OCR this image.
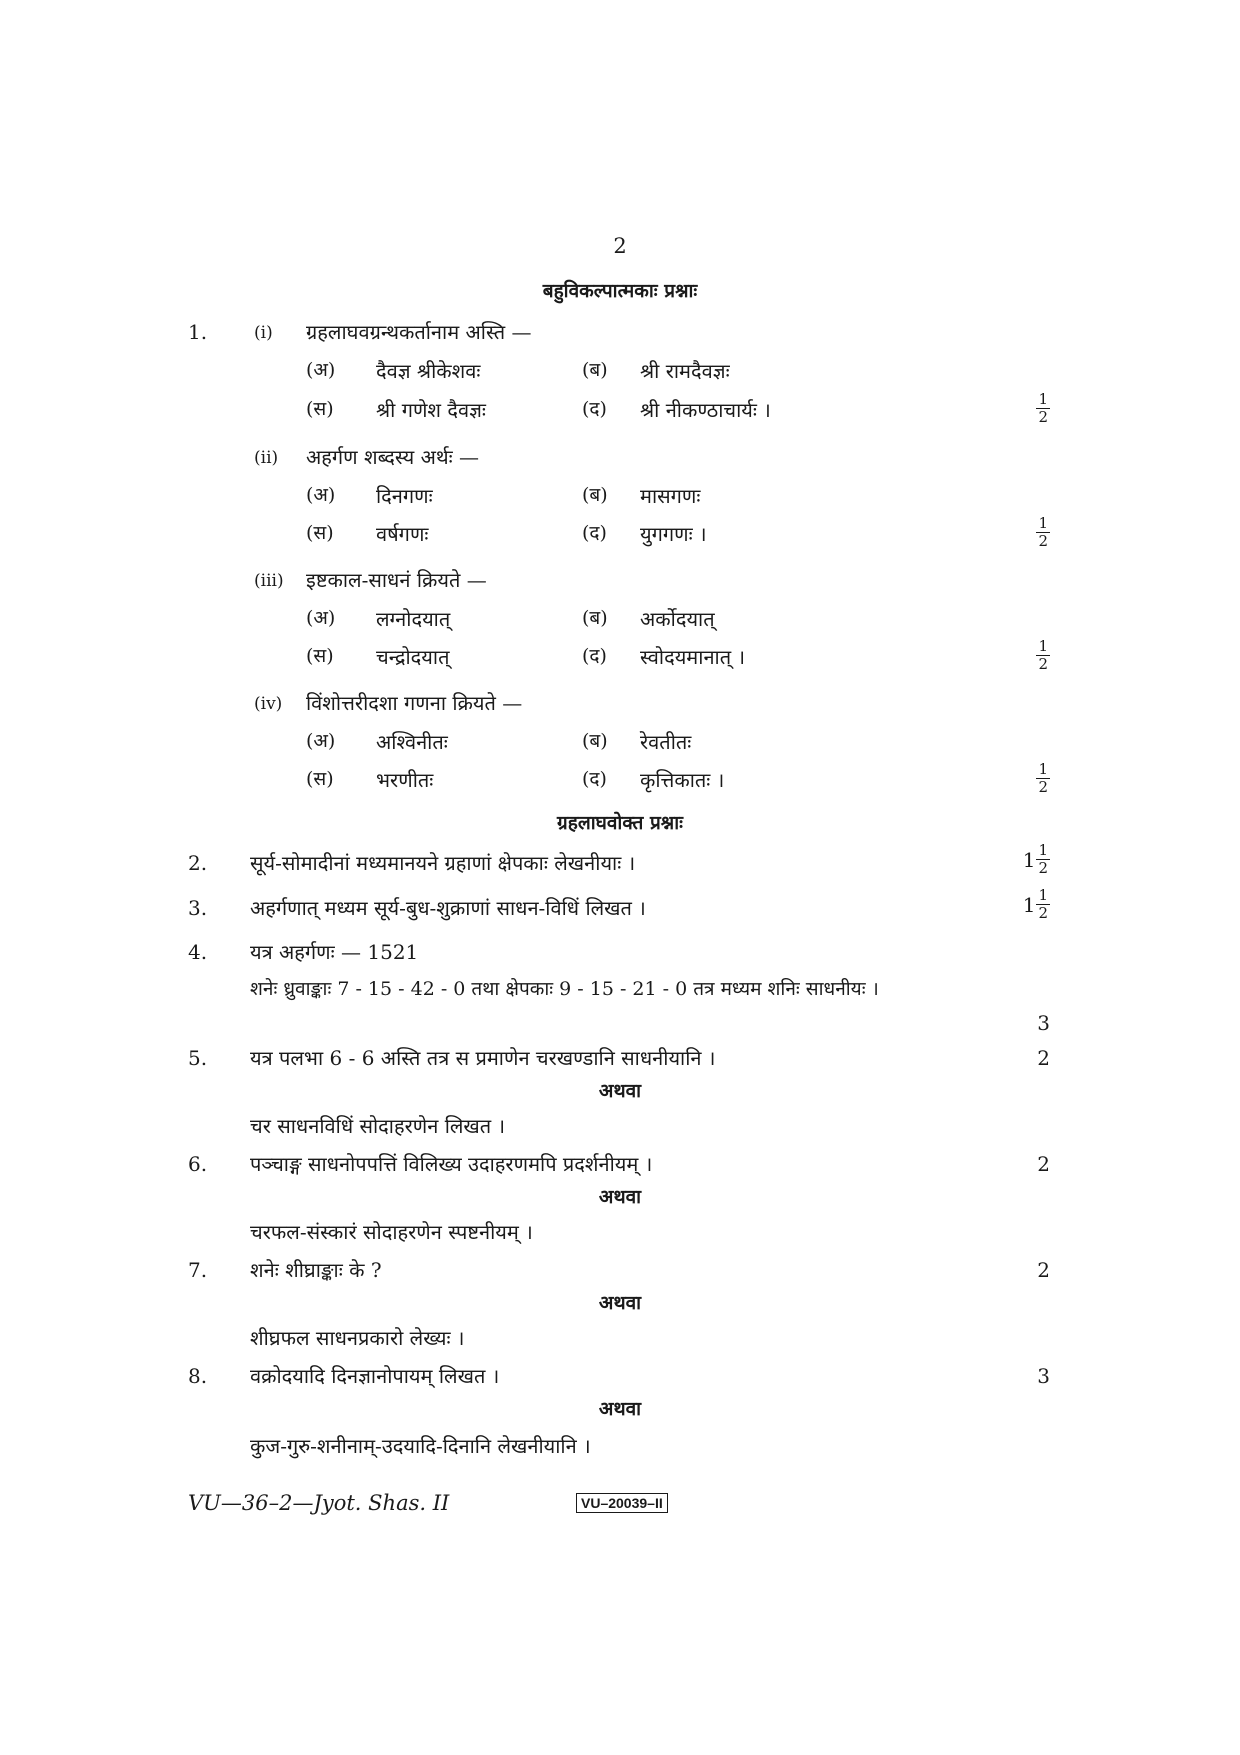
2
बहुविकल्पात्मकाः प्रश्नाः
1.	(i) ग्रहलाघवग्रन्थकर्तानाम अस्ति —
(अ) दैवज्ञ श्रीकेशवः	(ब) श्री रामदैवज्ञः
(स) श्री गणेश दैवज्ञः	(द) श्री नीकण्ठाचार्यः ।	$\frac{1}{2}$
(ii) अहर्गण शब्दस्य अर्थः —
(अ) दिनगणः	(ब) मासगणः
(स) वर्षगणः	(द) युगगणः ।	$\frac{1}{2}$
(iii) इष्टकाल-साधनं क्रियते —
(अ) लग्नोदयात्	(ब) अर्कोदयात्
(स) चन्द्रोदयात्	(द) स्वोदयमानात् ।	$\frac{1}{2}$
(iv) विंशोत्तरीदशा गणना क्रियते —
(अ) अश्विनीतः	(ब) रेवतीतः
(स) भरणीतः	(द) कृत्तिकातः ।	$\frac{1}{2}$
ग्रहलाघवोक्त प्रश्नाः
2. सूर्य-सोमादीनां मध्यमानयने ग्रहाणां क्षेपकाः लेखनीयाः ।	$1 \frac{1}{2}$
3. अहर्गणात् मध्यम सूर्य-बुध-शुक्राणां साधन-विधिं लिखत ।	$1 \frac{1}{2}$
4. यत्र अहर्गणः — 1521
शनेः ध्रुवाङ्काः 7 - 15 - 42 - 0 तथा क्षेपकाः 9 - 15 - 21 - 0 तत्र मध्यम शनिः साधनीयः ।
3
5. यत्र पलभा 6 - 6 अस्ति तत्र स प्रमाणेन चरखण्डानि साधनीयानि ।	2
अथवा
चर साधनविधिं सोदाहरणेन लिखत ।
6. पञ्चाङ्ग साधनोपपत्तिं विलिख्य उदाहरणमपि प्रदर्शनीयम् ।	2
अथवा
चरफल-संस्कारं सोदाहरणेन स्पष्टनीयम् ।
7. शनेः शीघ्राङ्काः के ?	2
अथवा
शीघ्रफल साधनप्रकारो लेख्यः ।
8. वक्रोदयादि दिनज्ञानोपायम् लिखत ।	3
अथवा
कुज-गुरु-शनीनाम्-उदयादि-दिनानि लेखनीयानि ।
VU—36–2—Jyot. Shas. II	VU–20039–II
